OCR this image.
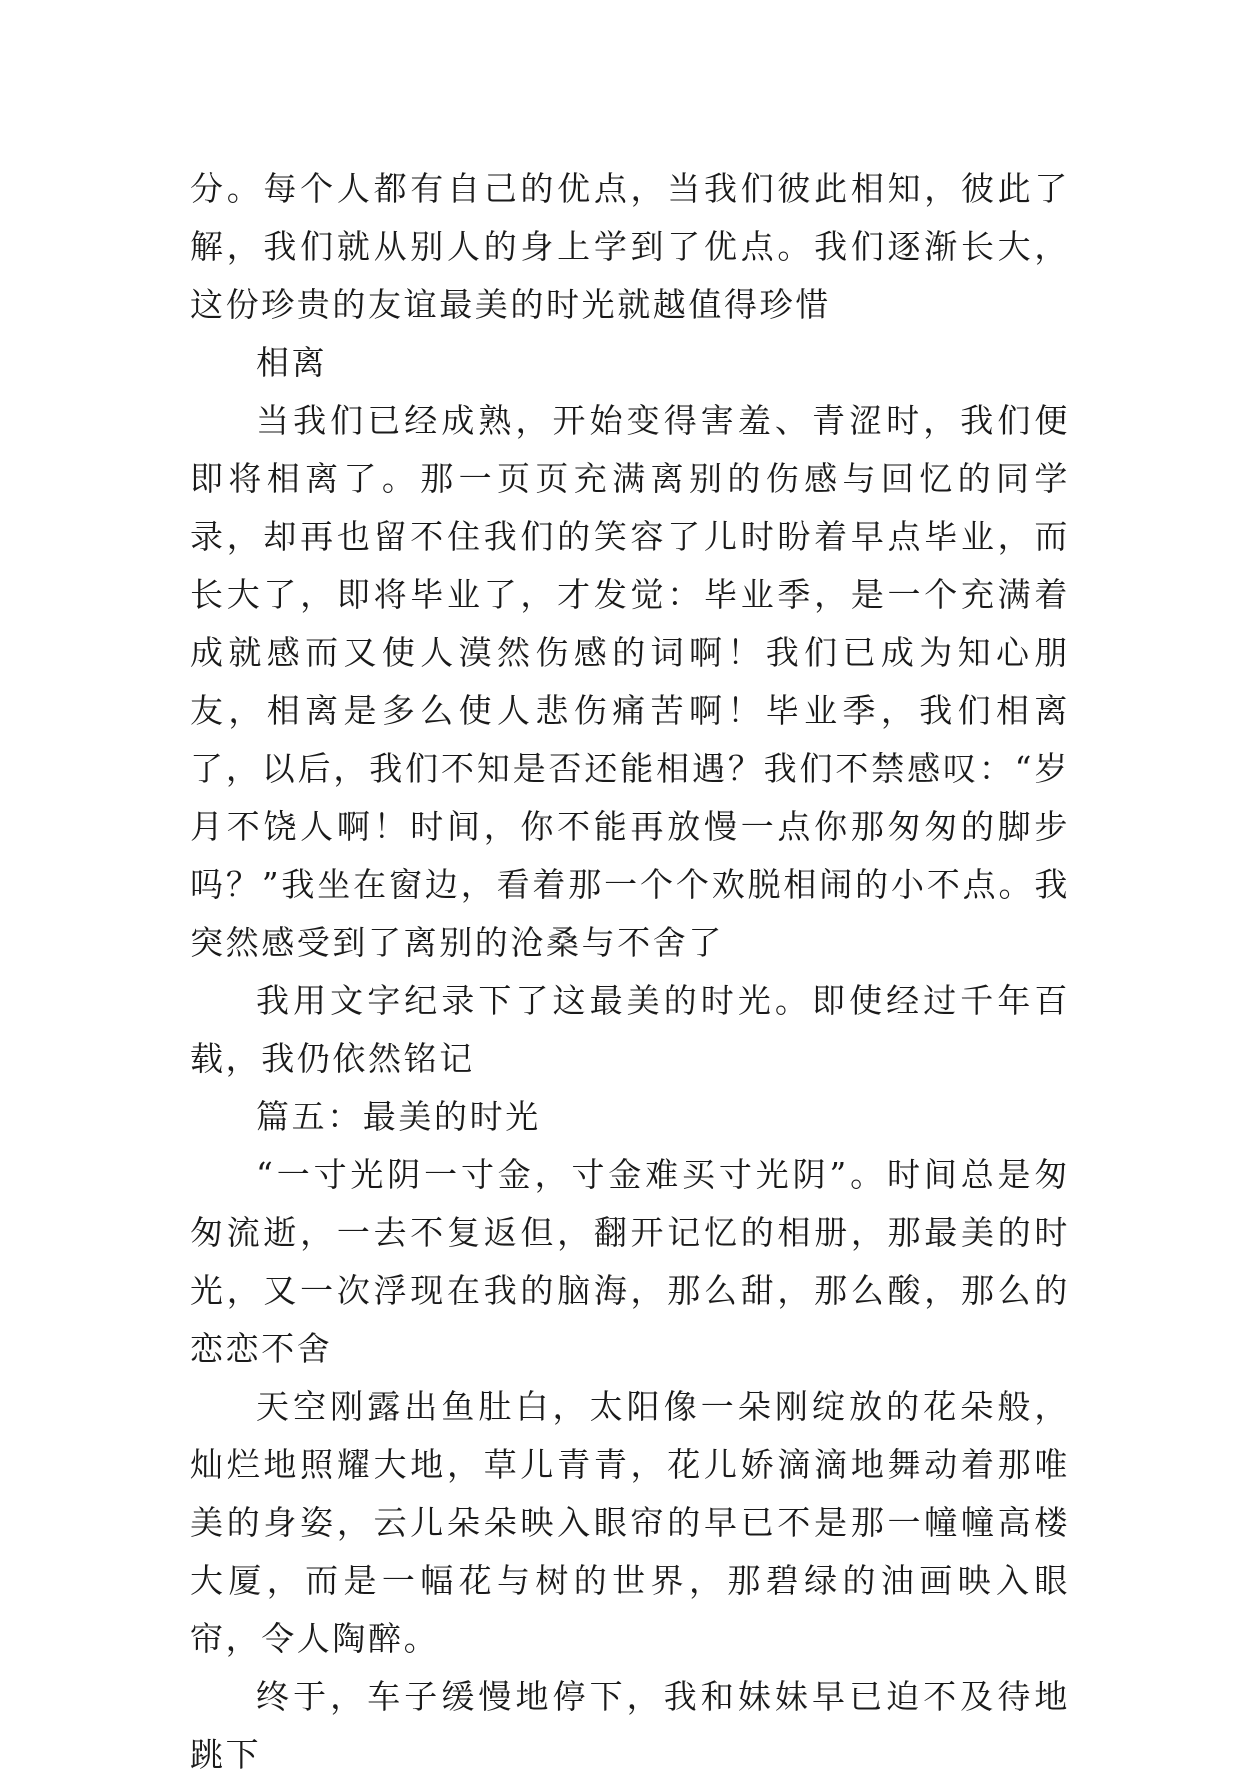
分。每个人都有自己的优点，当我们彼此相知，彼此了解，我们就从别人的身上学到了优点。我们逐渐长大，这份珍贵的友谊最美的时光就越值得珍惜

相离

当我们已经成熟，开始变得害羞、青涩时，我们便即将相离了。那一页页充满离别的伤感与回忆的同学录，却再也留不住我们的笑容了儿时盼着早点毕业，而长大了，即将毕业了，才发觉：毕业季，是一个充满着成就感而又使人漠然伤感的词啊！我们已成为知心朋友，相离是多么使人悲伤痛苦啊！毕业季，我们相离了，以后，我们不知是否还能相遇？我们不禁感叹：“岁月不饶人啊！时间，你不能再放慢一点你那匆匆的脚步吗？”我坐在窗边，看着那一个个欢脱相闹的小不点。我突然感受到了离别的沧桑与不舍了

我用文字纪录下了这最美的时光。即使经过千年百载，我仍依然铭记

篇五：最美的时光

“一寸光阴一寸金，寸金难买寸光阴”。时间总是匆匆流逝，一去不复返但，翻开记忆的相册，那最美的时光，又一次浮现在我的脑海，那么甜，那么酸，那么的恋恋不舍

天空刚露出鱼肚白，太阳像一朵刚绽放的花朵般，灿烂地照耀大地，草儿青青，花儿娇滴滴地舞动着那唯美的身姿，云儿朵朵映入眼帘的早已不是那一幢幢高楼大厦，而是一幅花与树的世界，那碧绿的油画映入眼帘，令人陶醉。

终于，车子缓慢地停下，我和妹妹早已迫不及待地跳下
